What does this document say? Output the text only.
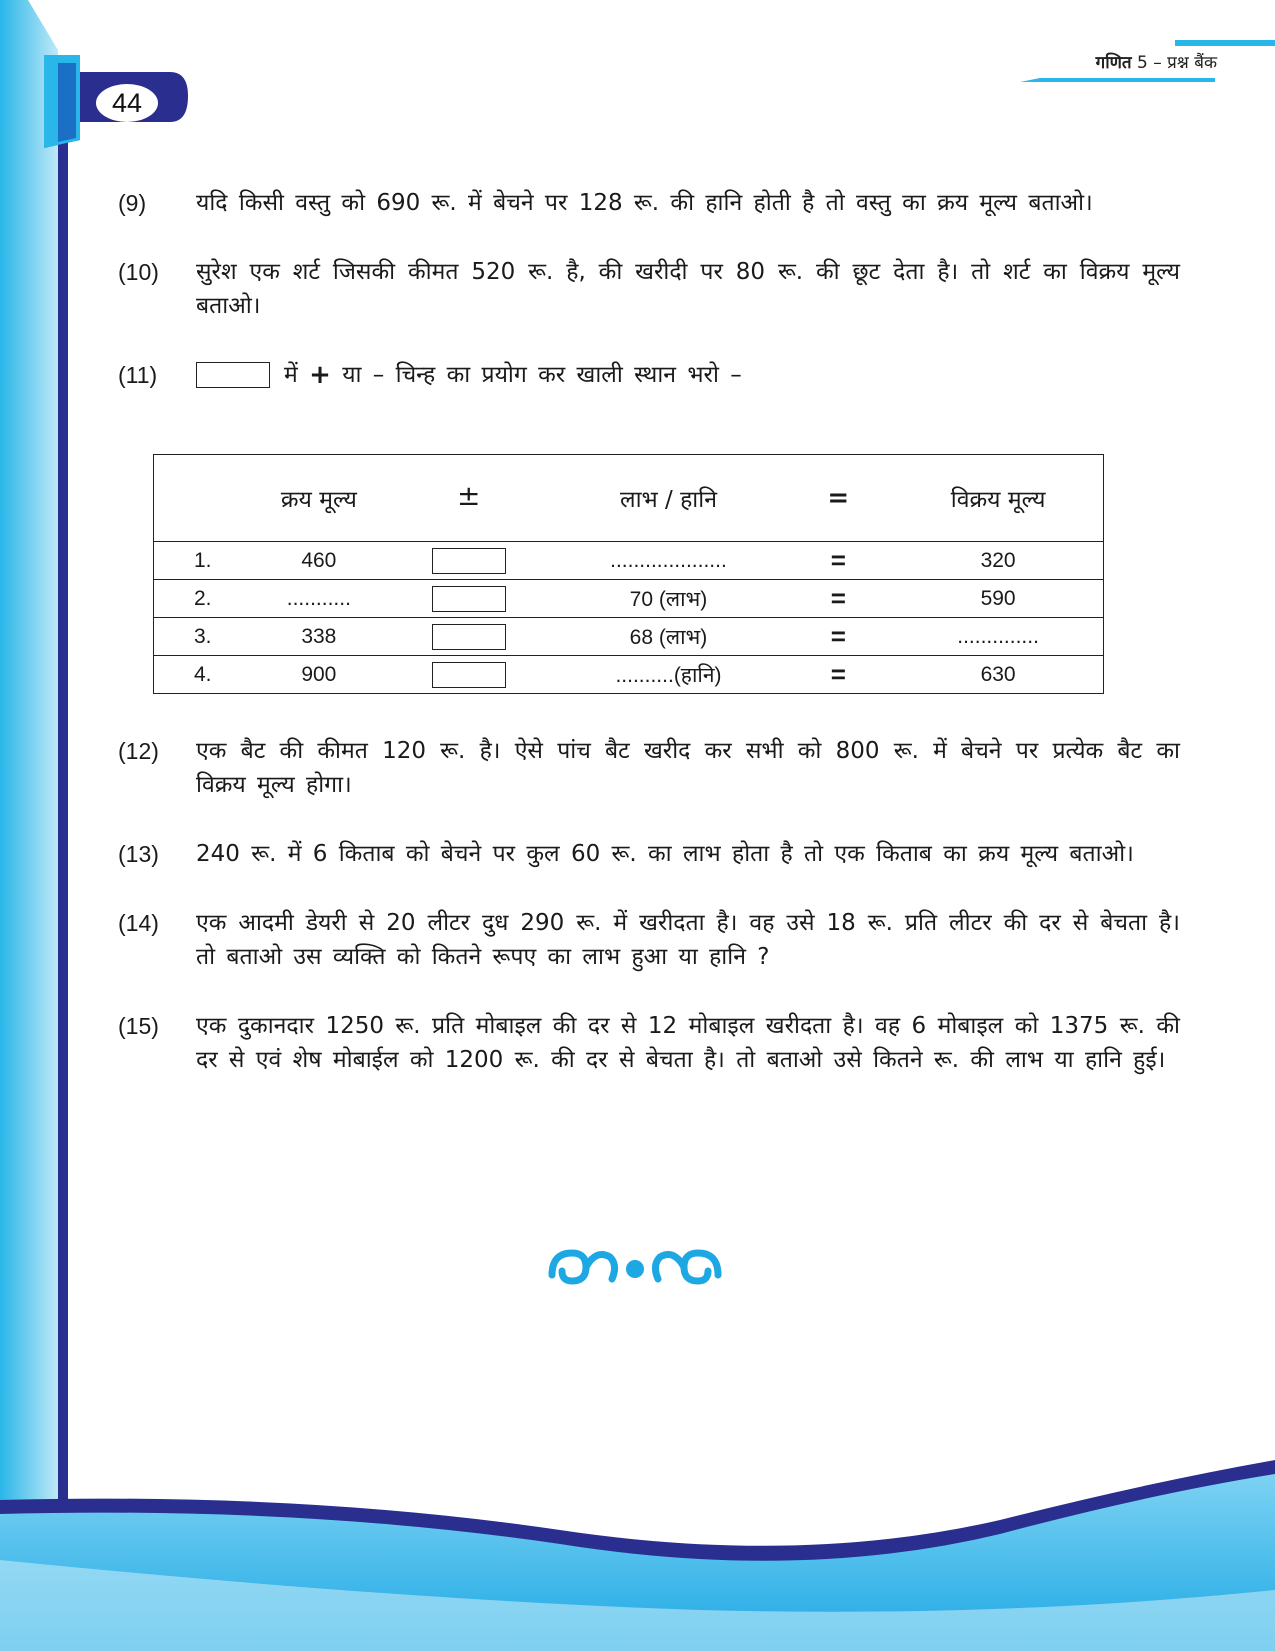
44
गणित 5 – प्रश्न बैंक
(9) यदि किसी वस्तु को 690 रू. में बेचने पर 128 रू. की हानि होती है तो वस्तु का क्रय मूल्य बताओ।
(10) सुरेश एक शर्ट जिसकी कीमत 520 रू. है, की खरीदी पर 80 रू. की छूट देता है। तो शर्ट का विक्रय मूल्य बताओ।
(11)	में
+
या – चिन्ह का प्रयोग कर खाली स्थान भरो –
	क्रय मूल्य	±	लाभ / हानि	=	विक्रय मूल्य
1.	460		....................	=	320
2.	...........		70 (लाभ)	=	590
3.	338		68 (लाभ)	=	..............
4.	900		..........(हानि)	=	630
(12) एक बैट की कीमत 120 रू. है। ऐसे पांच बैट खरीद कर सभी को 800 रू. में बेचने पर प्रत्येक बैट का विक्रय मूल्य होगा।
(13) 240 रू. में 6 किताब को बेचने पर कुल 60 रू. का लाभ होता है तो एक किताब का क्रय मूल्य बताओ।
(14) एक आदमी डेयरी से 20 लीटर दुध 290 रू. में खरीदता है। वह उसे 18 रू. प्रति लीटर की दर से बेचता है। तो बताओ उस व्यक्ति को कितने रूपए का लाभ हुआ या हानि ?
(15) एक दुकानदार 1250 रू. प्रति मोबाइल की दर से 12 मोबाइल खरीदता है। वह 6 मोबाइल को 1375 रू. की दर से एवं शेष मोबाईल को 1200 रू. की दर से बेचता है। तो बताओ उसे कितने रू. की लाभ या हानि हुई।
